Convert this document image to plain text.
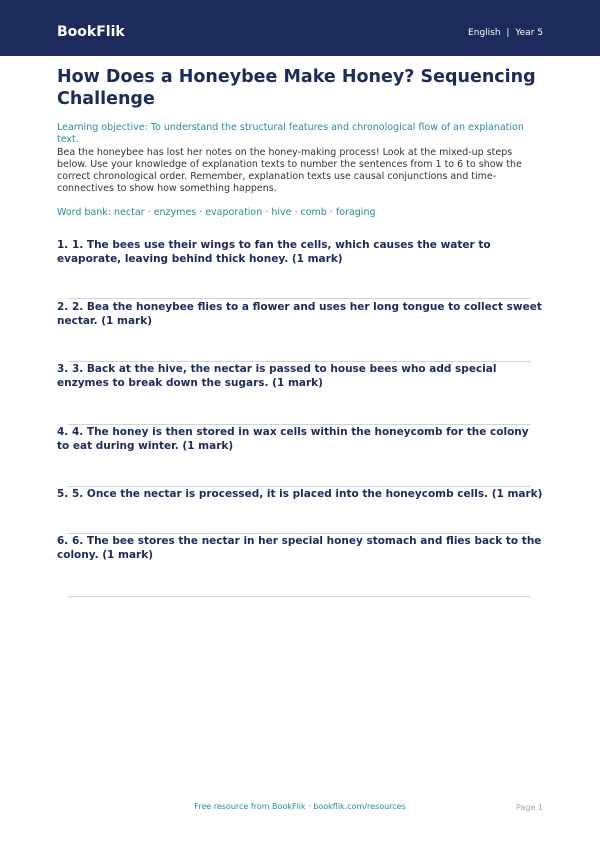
BookFlik	English | Year 5
How Does a Honeybee Make Honey? Sequencing Challenge
Learning objective: To understand the structural features and chronological flow of an explanation text.

Bea the honeybee has lost her notes on the honey-making process! Look at the mixed-up steps below. Use your knowledge of explanation texts to number the sentences from 1 to 6 to show the correct chronological order. Remember, explanation texts use causal conjunctions and time-connectives to show how something happens.

Word bank: nectar · enzymes · evaporation · hive · comb · foraging
1. 1. The bees use their wings to fan the cells, which causes the water to evaporate, leaving behind thick honey. (1 mark)
2. 2. Bea the honeybee flies to a flower and uses her long tongue to collect sweet nectar. (1 mark)
3. 3. Back at the hive, the nectar is passed to house bees who add special enzymes to break down the sugars. (1 mark)
4. 4. The honey is then stored in wax cells within the honeycomb for the colony to eat during winter. (1 mark)
5. 5. Once the nectar is processed, it is placed into the honeycomb cells. (1 mark)
6. 6. The bee stores the nectar in her special honey stomach and flies back to the colony. (1 mark)
Free resource from BookFlik · bookflik.com/resources	Page 1
